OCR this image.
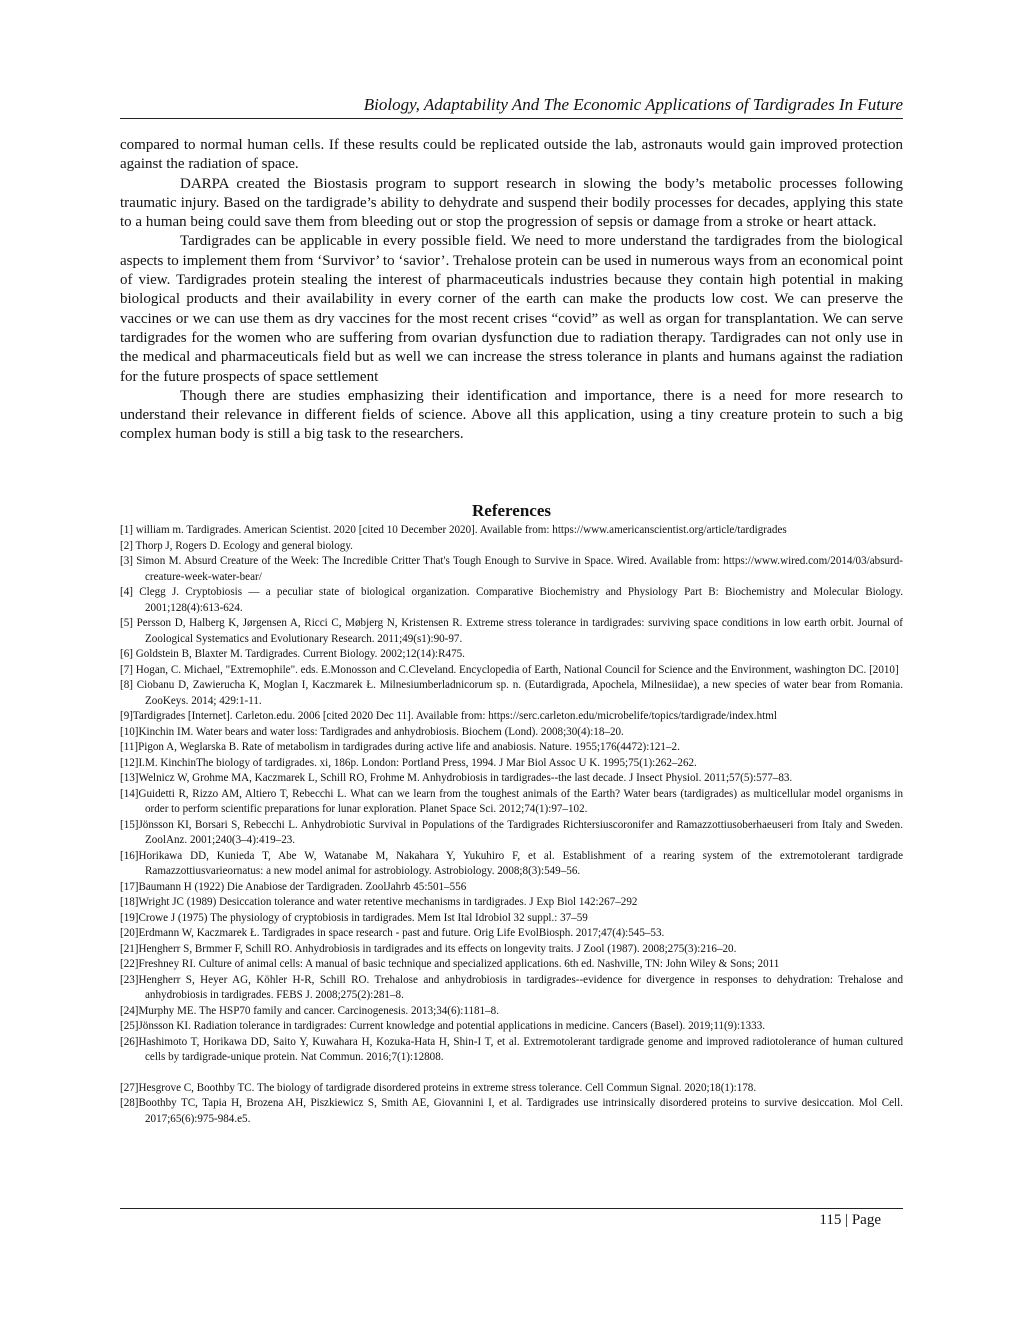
Biology, Adaptability And The Economic Applications of Tardigrades In Future

compared to normal human cells. If these results could be replicated outside the lab, astronauts would gain improved protection against the radiation of space.

DARPA created the Biostasis program to support research in slowing the body’s metabolic processes following traumatic injury. Based on the tardigrade’s ability to dehydrate and suspend their bodily processes for decades, applying this state to a human being could save them from bleeding out or stop the progression of sepsis or damage from a stroke or heart attack.

Tardigrades can be applicable in every possible field. We need to more understand the tardigrades from the biological aspects to implement them from ‘Survivor’ to ‘savior’. Trehalose protein can be used in numerous ways from an economical point of view. Tardigrades protein stealing the interest of pharmaceuticals industries because they contain high potential in making biological products and their availability in every corner of the earth can make the products low cost. We can preserve the vaccines or we can use them as dry vaccines for the most recent crises “covid” as well as organ for transplantation. We can serve tardigrades for the women who are suffering from ovarian dysfunction due to radiation therapy. Tardigrades can not only use in the medical and pharmaceuticals field but as well we can increase the stress tolerance in plants and humans against the radiation for the future prospects of space settlement

Though there are studies emphasizing their identification and importance, there is a need for more research to understand their relevance in different fields of science. Above all this application, using a tiny creature protein to such a big complex human body is still a big task to the researchers.

References

[1] william m. Tardigrades. American Scientist. 2020 [cited 10 December 2020]. Available from: https://www.americanscientist.org/article/tardigrades

[2] Thorp J, Rogers D. Ecology and general biology.

[3] Simon M. Absurd Creature of the Week: The Incredible Critter That's Tough Enough to Survive in Space. Wired. Available from: https://www.wired.com/2014/03/absurd-creature-week-water-bear/

[4] Clegg J. Cryptobiosis — a peculiar state of biological organization. Comparative Biochemistry and Physiology Part B: Biochemistry and Molecular Biology. 2001;128(4):613-624.

[5] Persson D, Halberg K, Jørgensen A, Ricci C, Møbjerg N, Kristensen R. Extreme stress tolerance in tardigrades: surviving space conditions in low earth orbit. Journal of Zoological Systematics and Evolutionary Research. 2011;49(s1):90-97.

[6] Goldstein B, Blaxter M. Tardigrades. Current Biology. 2002;12(14):R475.

[7] Hogan, C. Michael, "Extremophile". eds. E.Monosson and C.Cleveland. Encyclopedia of Earth, National Council for Science and the Environment, washington DC. [2010]

[8] Ciobanu D, Zawierucha K, Moglan I, Kaczmarek Ł. Milnesiumberladnicorum sp. n. (Eutardigrada, Apochela, Milnesiidae), a new species of water bear from Romania. ZooKeys. 2014; 429:1-11.

[9]Tardigrades [Internet]. Carleton.edu. 2006 [cited 2020 Dec 11]. Available from: https://serc.carleton.edu/microbelife/topics/tardigrade/index.html

[10]Kinchin IM. Water bears and water loss: Tardigrades and anhydrobiosis. Biochem (Lond). 2008;30(4):18–20.

[11]Pigon A, Weglarska B. Rate of metabolism in tardigrades during active life and anabiosis. Nature. 1955;176(4472):121–2.

[12]I.M. KinchinThe biology of tardigrades. xi, 186p. London: Portland Press, 1994. J Mar Biol Assoc U K. 1995;75(1):262–262.

[13]Welnicz W, Grohme MA, Kaczmarek L, Schill RO, Frohme M. Anhydrobiosis in tardigrades--the last decade. J Insect Physiol. 2011;57(5):577–83.

[14]Guidetti R, Rizzo AM, Altiero T, Rebecchi L. What can we learn from the toughest animals of the Earth? Water bears (tardigrades) as multicellular model organisms in order to perform scientific preparations for lunar exploration. Planet Space Sci. 2012;74(1):97–102.

[15]Jönsson KI, Borsari S, Rebecchi L. Anhydrobiotic Survival in Populations of the Tardigrades Richtersiuscoronifer and Ramazzottiusoberhaeuseri from Italy and Sweden. ZoolAnz. 2001;240(3–4):419–23.

[16]Horikawa DD, Kunieda T, Abe W, Watanabe M, Nakahara Y, Yukuhiro F, et al. Establishment of a rearing system of the extremotolerant tardigrade Ramazzottiusvarieornatus: a new model animal for astrobiology. Astrobiology. 2008;8(3):549–56.

[17]Baumann H (1922) Die Anabiose der Tardigraden. ZoolJahrb 45:501–556

[18]Wright JC (1989) Desiccation tolerance and water retentive mechanisms in tardigrades. J Exp Biol 142:267–292

[19]Crowe J (1975) The physiology of cryptobiosis in tardigrades. Mem Ist Ital Idrobiol 32 suppl.: 37–59

[20]Erdmann W, Kaczmarek Ł. Tardigrades in space research - past and future. Orig Life EvolBiosph. 2017;47(4):545–53.

[21]Hengherr S, Brmmer F, Schill RO. Anhydrobiosis in tardigrades and its effects on longevity traits. J Zool (1987). 2008;275(3):216–20.

[22]Freshney RI. Culture of animal cells: A manual of basic technique and specialized applications. 6th ed. Nashville, TN: John Wiley & Sons; 2011

[23]Hengherr S, Heyer AG, Köhler H-R, Schill RO. Trehalose and anhydrobiosis in tardigrades--evidence for divergence in responses to dehydration: Trehalose and anhydrobiosis in tardigrades. FEBS J. 2008;275(2):281–8.

[24]Murphy ME. The HSP70 family and cancer. Carcinogenesis. 2013;34(6):1181–8.

[25]Jönsson KI. Radiation tolerance in tardigrades: Current knowledge and potential applications in medicine. Cancers (Basel). 2019;11(9):1333.

[26]Hashimoto T, Horikawa DD, Saito Y, Kuwahara H, Kozuka-Hata H, Shin-I T, et al. Extremotolerant tardigrade genome and improved radiotolerance of human cultured cells by tardigrade-unique protein. Nat Commun. 2016;7(1):12808.

[27]Hesgrove C, Boothby TC. The biology of tardigrade disordered proteins in extreme stress tolerance. Cell Commun Signal. 2020;18(1):178.

[28]Boothby TC, Tapia H, Brozena AH, Piszkiewicz S, Smith AE, Giovannini I, et al. Tardigrades use intrinsically disordered proteins to survive desiccation. Mol Cell. 2017;65(6):975-984.e5.

115 | Page
